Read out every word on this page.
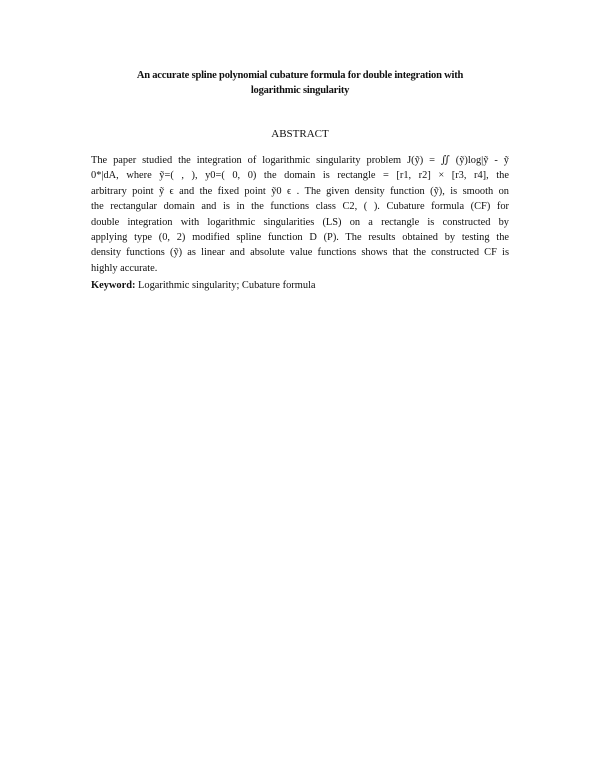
An accurate spline polynomial cubature formula for double integration with
logarithmic singularity
ABSTRACT
The paper studied the integration of logarithmic singularity problem J(ỹ) = ∬ (ỹ)log|ỹ - ỹ
0*|dA, where ỹ=( , ), y0=( 0, 0) the domain is rectangle = [r1, r2] × [r3, r4], the
arbitrary point ỹ ϵ and the fixed point ỹ0 ϵ . The given density function (ỹ), is smooth on
the rectangular domain and is in the functions class C2, ( ). Cubature formula (CF) for
double integration with logarithmic singularities (LS) on a rectangle is constructed by
applying type (0, 2) modified spline function D (P). The results obtained by testing the
density functions (ỹ) as linear and absolute value functions shows that the constructed CF is
highly accurate.
Keyword: Logarithmic singularity; Cubature formula
